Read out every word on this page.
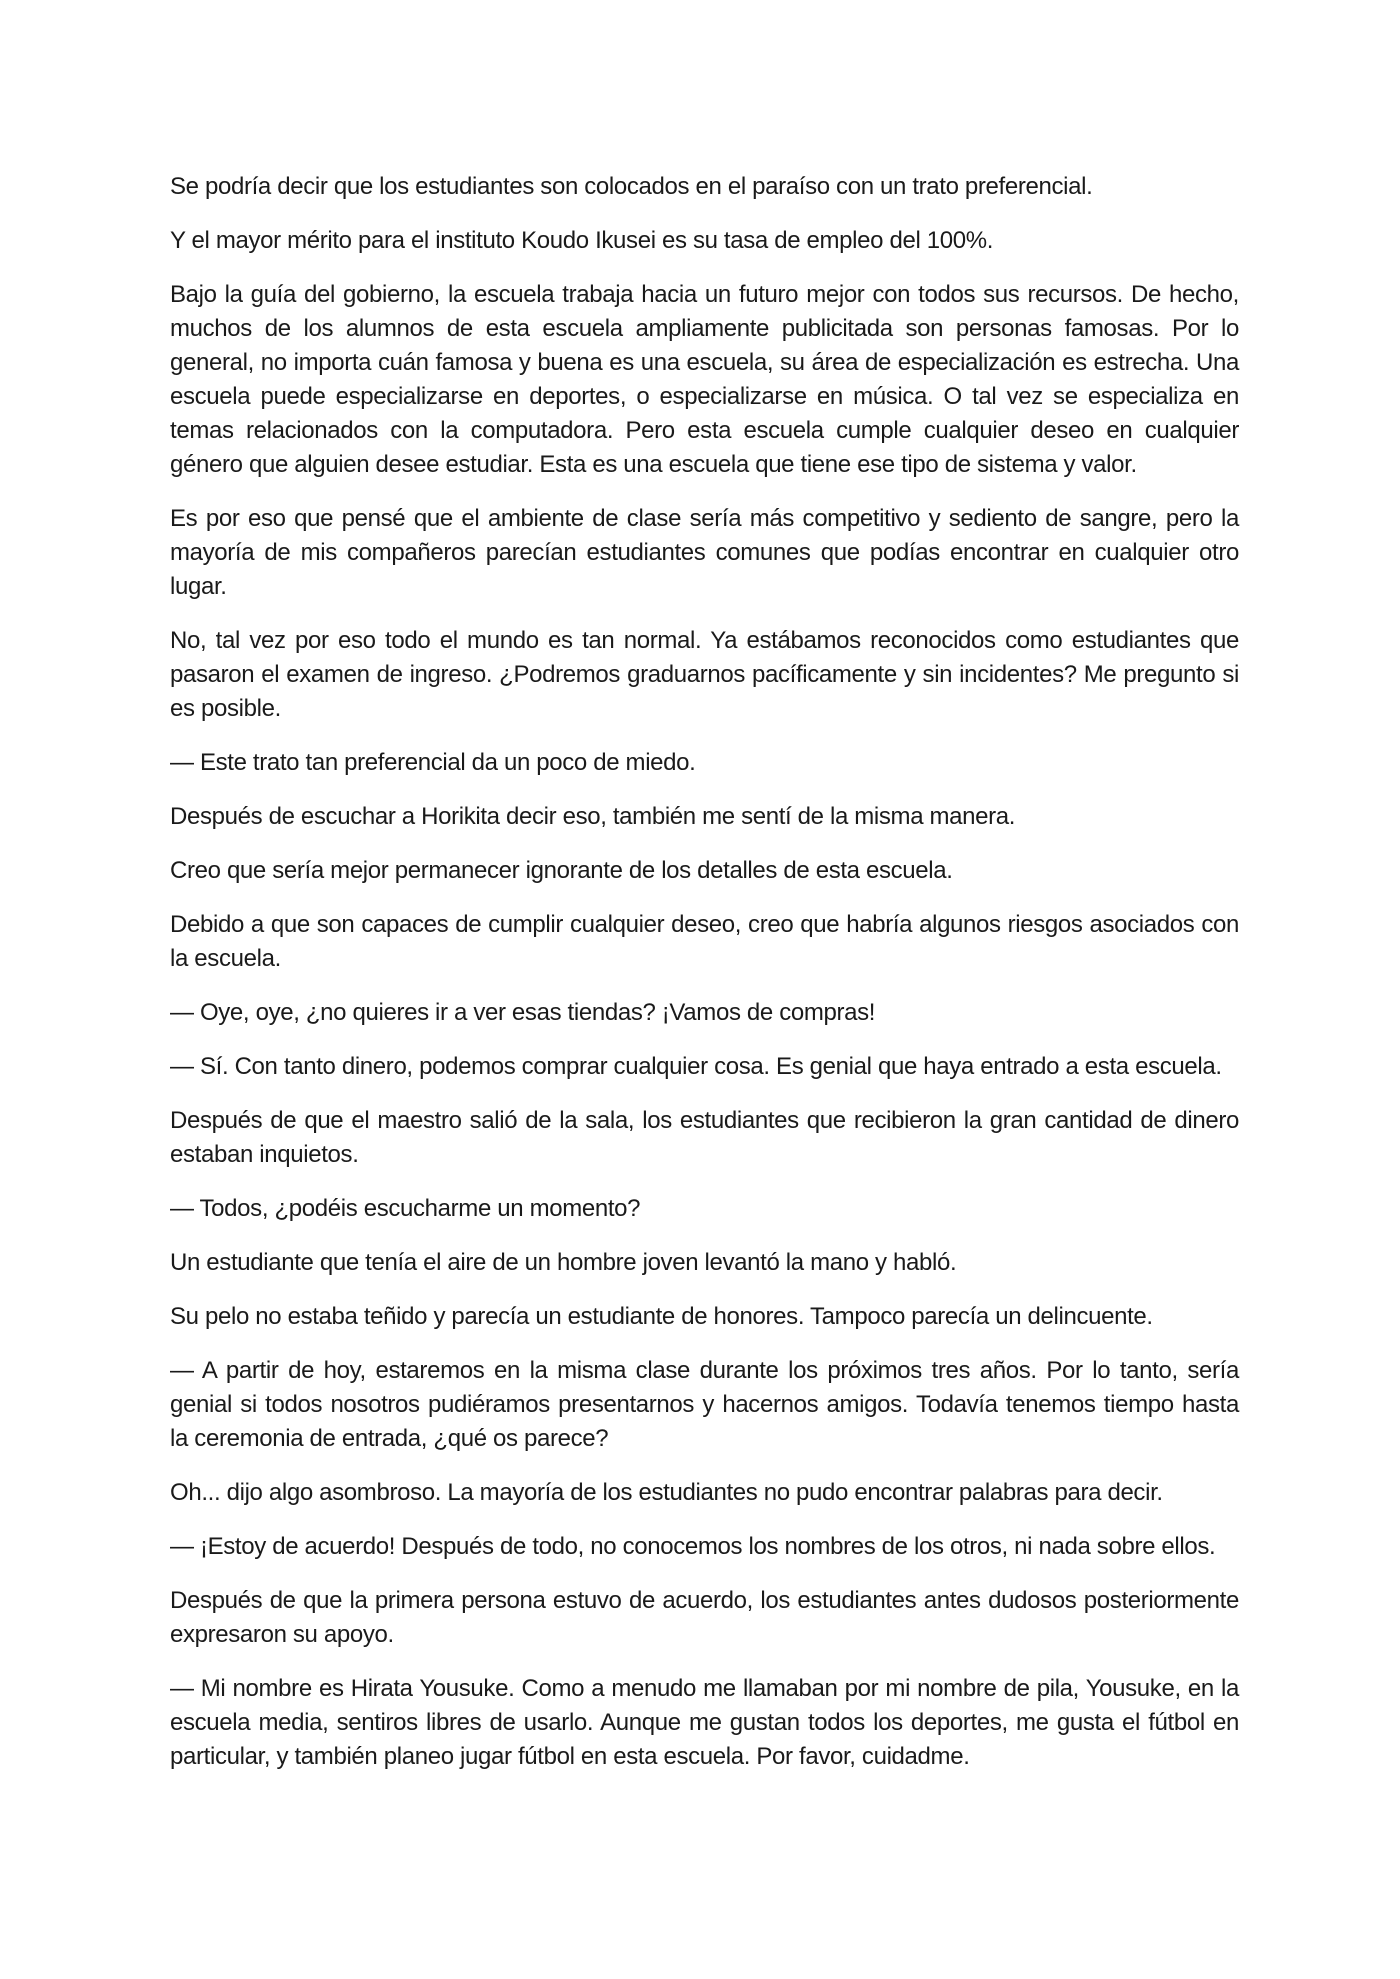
Se podría decir que los estudiantes son colocados en el paraíso con un trato preferencial.

Y el mayor mérito para el instituto Koudo Ikusei es su tasa de empleo del 100%.

Bajo la guía del gobierno, la escuela trabaja hacia un futuro mejor con todos sus recursos. De hecho, muchos de los alumnos de esta escuela ampliamente publicitada son personas famosas. Por lo general, no importa cuán famosa y buena es una escuela, su área de especialización es estrecha. Una escuela puede especializarse en deportes, o especializarse en música. O tal vez se especializa en temas relacionados con la computadora. Pero esta escuela cumple cualquier deseo en cualquier género que alguien desee estudiar. Esta es una escuela que tiene ese tipo de sistema y valor.

Es por eso que pensé que el ambiente de clase sería más competitivo y sediento de sangre, pero la mayoría de mis compañeros parecían estudiantes comunes que podías encontrar en cualquier otro lugar.

No, tal vez por eso todo el mundo es tan normal. Ya estábamos reconocidos como estudiantes que pasaron el examen de ingreso. ¿Podremos graduarnos pacíficamente y sin incidentes? Me pregunto si es posible.

— Este trato tan preferencial da un poco de miedo.

Después de escuchar a Horikita decir eso, también me sentí de la misma manera.

Creo que sería mejor permanecer ignorante de los detalles de esta escuela.

Debido a que son capaces de cumplir cualquier deseo, creo que habría algunos riesgos asociados con la escuela.

— Oye, oye, ¿no quieres ir a ver esas tiendas? ¡Vamos de compras!

— Sí. Con tanto dinero, podemos comprar cualquier cosa. Es genial que haya entrado a esta escuela.

Después de que el maestro salió de la sala, los estudiantes que recibieron la gran cantidad de dinero estaban inquietos.

— Todos, ¿podéis escucharme un momento?

Un estudiante que tenía el aire de un hombre joven levantó la mano y habló.

Su pelo no estaba teñido y parecía un estudiante de honores. Tampoco parecía un delincuente.

— A partir de hoy, estaremos en la misma clase durante los próximos tres años. Por lo tanto, sería genial si todos nosotros pudiéramos presentarnos y hacernos amigos. Todavía tenemos tiempo hasta la ceremonia de entrada, ¿qué os parece?

Oh... dijo algo asombroso. La mayoría de los estudiantes no pudo encontrar palabras para decir.

— ¡Estoy de acuerdo! Después de todo, no conocemos los nombres de los otros, ni nada sobre ellos.

Después de que la primera persona estuvo de acuerdo, los estudiantes antes dudosos posteriormente expresaron su apoyo.

— Mi nombre es Hirata Yousuke. Como a menudo me llamaban por mi nombre de pila, Yousuke, en la escuela media, sentiros libres de usarlo. Aunque me gustan todos los deportes, me gusta el fútbol en particular, y también planeo jugar fútbol en esta escuela. Por favor, cuidadme.
